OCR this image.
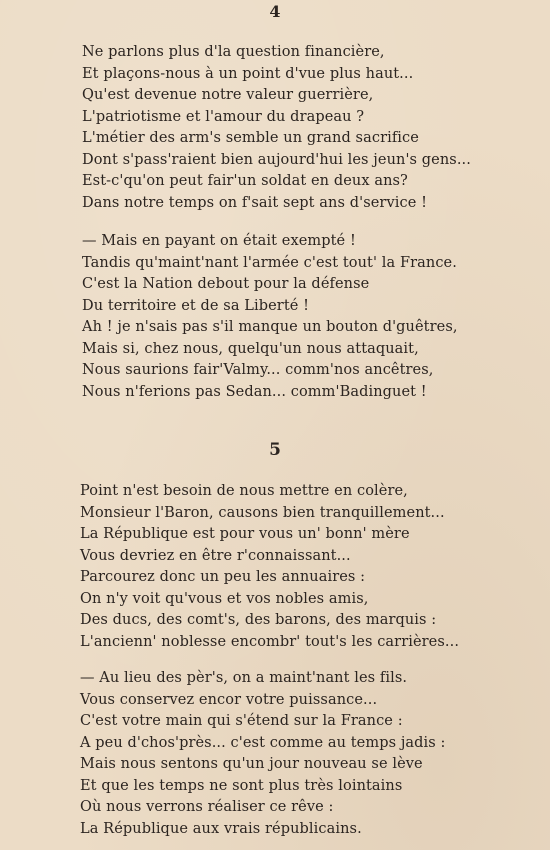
4
Ne parlons plus d'la question financière,
Et plaçons-nous à un point d'vue plus haut...
Qu'est devenue notre valeur guerrière,
L'patriotisme et l'amour du drapeau ?
L'métier des arm's semble un grand sacrifice
Dont s'pass'raient bien aujourd'hui les jeun's gens...
Est-c'qu'on peut fair'un soldat en deux ans?
Dans notre temps on f'sait sept ans d'service !
— Mais en payant on était exempté !
Tandis qu'maint'nant l'armée c'est tout' la France.
C'est la Nation debout pour la défense
Du territoire et de sa Liberté !
Ah ! je n'sais pas s'il manque un bouton d'guêtres,
Mais si, chez nous, quelqu'un nous attaquait,
Nous saurions fair'Valmy... comm'nos ancêtres,
Nous n'ferions pas Sedan... comm'Badinguet !
5
Point n'est besoin de nous mettre en colère,
Monsieur l'Baron, causons bien tranquillement...
La République est pour vous un' bonn' mère
Vous devriez en être r'connaissant...
Parcourez donc un peu les annuaires :
On n'y voit qu'vous et vos nobles amis,
Des ducs, des comt's, des barons, des marquis :
L'ancienn' noblesse encombr' tout's les carrières...
— Au lieu des pèr's, on a maint'nant les fils.
Vous conservez encor votre puissance...
C'est votre main qui s'étend sur la France :
A peu d'chos'près... c'est comme au temps jadis :
Mais nous sentons qu'un jour nouveau se lève
Et que les temps ne sont plus très lointains
Où nous verrons réaliser ce rêve :
La République aux vrais républicains.
